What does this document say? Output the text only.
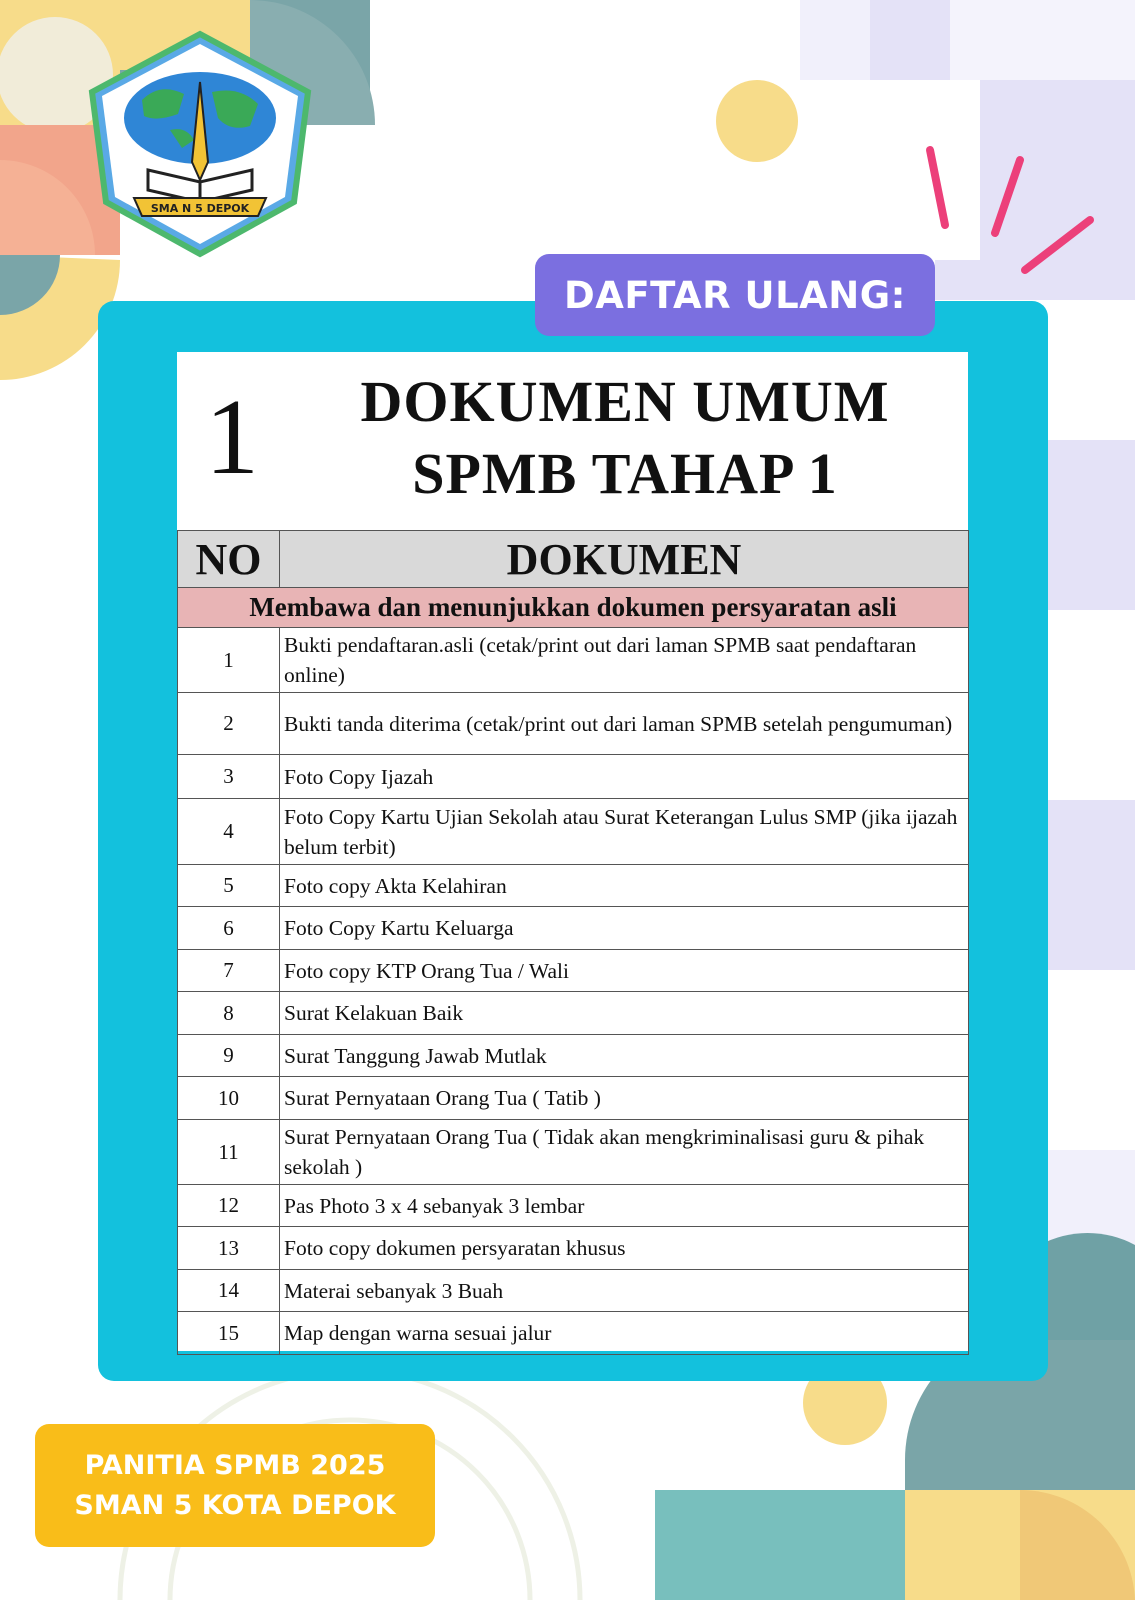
SMA N 5 DEPOK
DAFTAR ULANG:
1	DOKUMEN UMUM
SPMB TAHAP 1
NO	DOKUMEN
Membawa dan menunjukkan dokumen persyaratan asli	
1	Bukti pendaftaran.asli (cetak/print out dari laman SPMB saat pendaftaran online)
2	Bukti tanda diterima (cetak/print out dari laman SPMB setelah pengumuman)
3	Foto Copy Ijazah
4	Foto Copy Kartu Ujian Sekolah atau Surat Keterangan Lulus SMP (jika ijazah belum terbit)
5	Foto copy Akta Kelahiran
6	Foto Copy Kartu Keluarga
7	Foto copy KTP Orang Tua / Wali
8	Surat Kelakuan Baik
9	Surat Tanggung Jawab Mutlak
10	Surat Pernyataan Orang Tua ( Tatib )
11	Surat Pernyataan Orang Tua ( Tidak akan mengkriminalisasi guru & pihak sekolah )
12	Pas Photo 3 x 4 sebanyak 3 lembar
13	Foto copy dokumen persyaratan khusus
14	Materai sebanyak 3 Buah
15	Map dengan warna sesuai jalur
PANITIA SPMB 2025
SMAN 5 KOTA DEPOK
